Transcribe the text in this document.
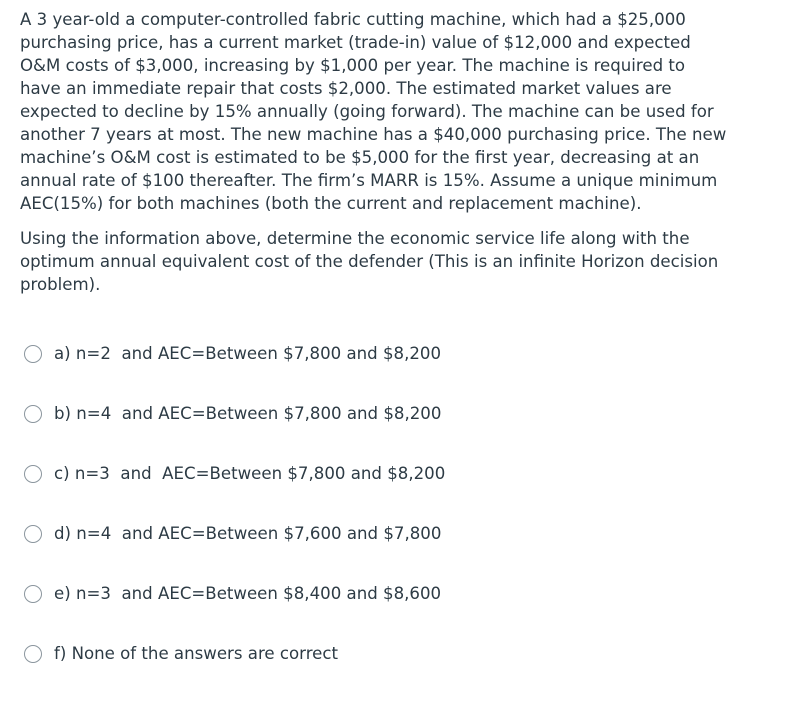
A 3 year-old a computer-controlled fabric cutting machine, which had a $25,000
purchasing price, has a current market (trade-in) value of $12,000 and expected
O&M costs of $3,000, increasing by $1,000 per year. The machine is required to
have an immediate repair that costs $2,000. The estimated market values are
expected to decline by 15% annually (going forward). The machine can be used for
another 7 years at most. The new machine has a $40,000 purchasing price. The new
machine’s O&M cost is estimated to be $5,000 for the first year, decreasing at an
annual rate of $100 thereafter. The firm’s MARR is 15%. Assume a unique minimum
AEC(15%) for both machines (both the current and replacement machine).

Using the information above, determine the economic service life along with the
optimum annual equivalent cost of the defender (This is an infinite Horizon decision
problem).

a) n=2  and AEC=Between $7,800 and $8,200
b) n=4  and AEC=Between $7,800 and $8,200
c) n=3  and  AEC=Between $7,800 and $8,200
d) n=4  and AEC=Between $7,600 and $7,800
e) n=3  and AEC=Between $8,400 and $8,600
f) None of the answers are correct
